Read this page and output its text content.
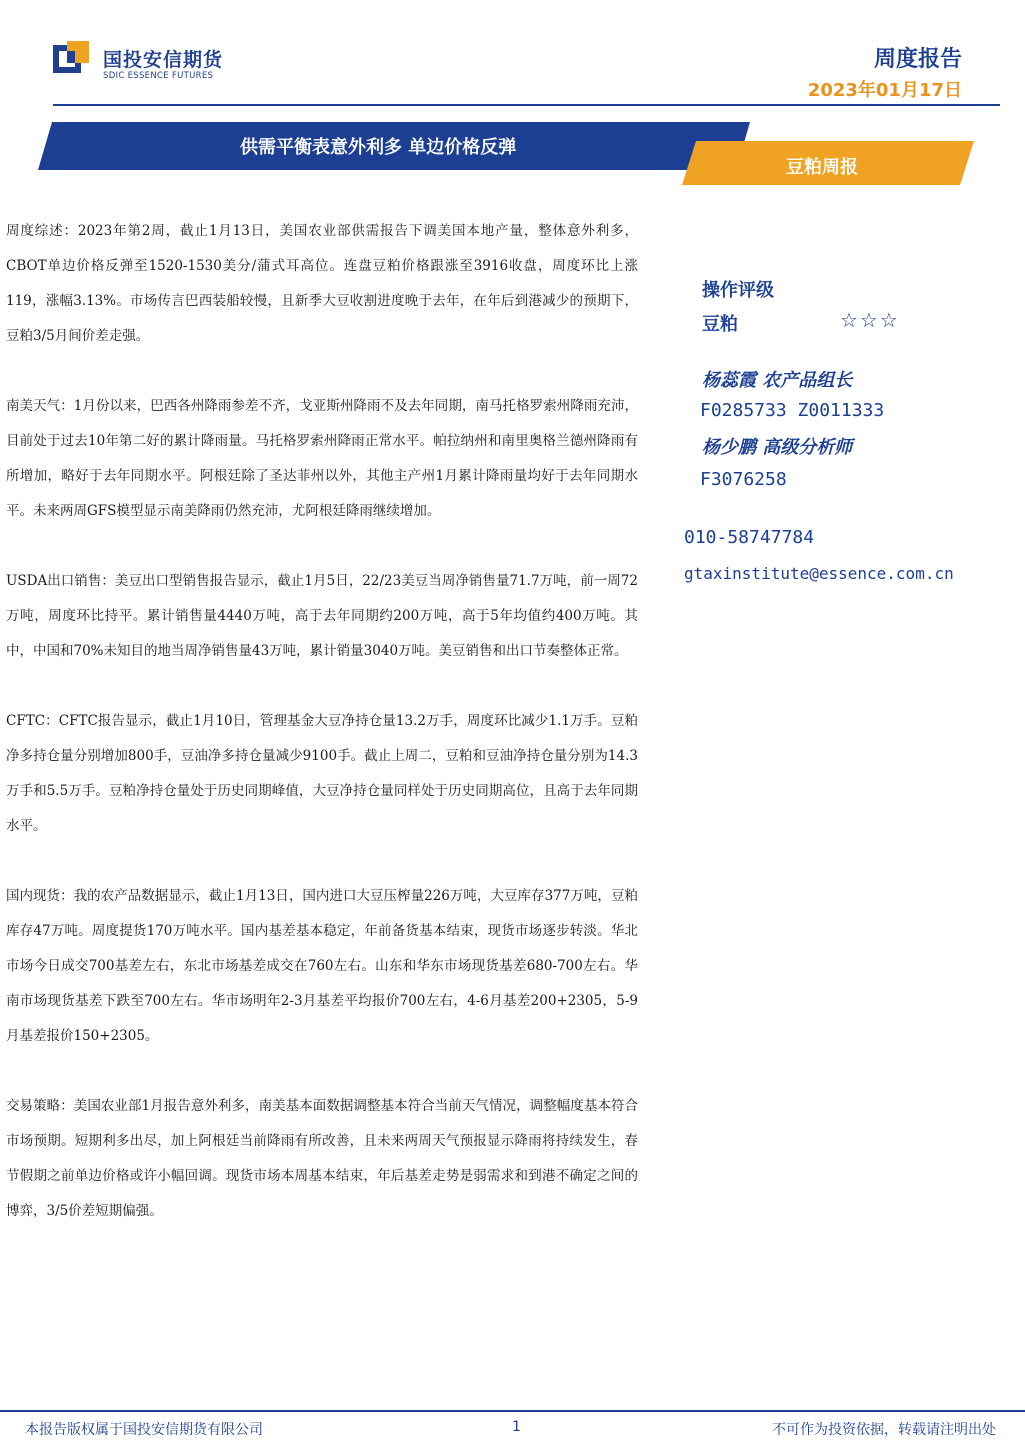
国投安信期货
SDIC ESSENCE FUTURES
周度报告
2023年01月17日
供需平衡表意外利多 单边价格反弹
豆粕周报

周度综述：2023年第2周，截止1月13日，美国农业部供需报告下调美国本地产量，整体意外利多，CBOT单边价格反弹至1520-1530美分/蒲式耳高位。连盘豆粕价格跟涨至3916收盘，周度环比上涨119，涨幅3.13%。市场传言巴西装船较慢，且新季大豆收割进度晚于去年，在年后到港减少的预期下，豆粕3/5月间价差走强。

南美天气：1月份以来，巴西各州降雨参差不齐，戈亚斯州降雨不及去年同期，南马托格罗索州降雨充沛，目前处于过去10年第二好的累计降雨量。马托格罗索州降雨正常水平。帕拉纳州和南里奥格兰德州降雨有所增加，略好于去年同期水平。阿根廷除了圣达菲州以外，其他主产州1月累计降雨量均好于去年同期水平。未来两周GFS模型显示南美降雨仍然充沛，尤阿根廷降雨继续增加。

USDA出口销售：美豆出口型销售报告显示，截止1月5日，22/23美豆当周净销售量71.7万吨，前一周72万吨，周度环比持平。累计销售量4440万吨，高于去年同期约200万吨，高于5年均值约400万吨。其中，中国和70%未知目的地当周净销售量43万吨，累计销量3040万吨。美豆销售和出口节奏整体正常。

CFTC：CFTC报告显示，截止1月10日，管理基金大豆净持仓量13.2万手，周度环比减少1.1万手。豆粕净多持仓量分别增加800手，豆油净多持仓量减少9100手。截止上周二，豆粕和豆油净持仓量分别为14.3万手和5.5万手。豆粕净持仓量处于历史同期峰值，大豆净持仓量同样处于历史同期高位，且高于去年同期水平。

国内现货：我的农产品数据显示，截止1月13日，国内进口大豆压榨量226万吨，大豆库存377万吨，豆粕库存47万吨。周度提货170万吨水平。国内基差基本稳定，年前备货基本结束，现货市场逐步转淡。华北市场今日成交700基差左右，东北市场基差成交在760左右。山东和华东市场现货基差680-700左右。华南市场现货基差下跌至700左右。华市场明年2-3月基差平均报价700左右，4-6月基差200+2305，5-9月基差报价150+2305。

交易策略：美国农业部1月报告意外利多，南美基本面数据调整基本符合当前天气情况，调整幅度基本符合市场预期。短期利多出尽，加上阿根廷当前降雨有所改善，且未来两周天气预报显示降雨将持续发生，春节假期之前单边价格或许小幅回调。现货市场本周基本结束，年后基差走势是弱需求和到港不确定之间的博弈，3/5价差短期偏强。

操作评级
豆粕	☆☆☆
杨蕊霞 农产品组长
F0285733 Z0011333
杨少鹏 高级分析师
F3076258
010-58747784
gtaxinstitute@essence.com.cn
本报告版权属于国投安信期货有限公司	1	不可作为投资依据，转载请注明出处
